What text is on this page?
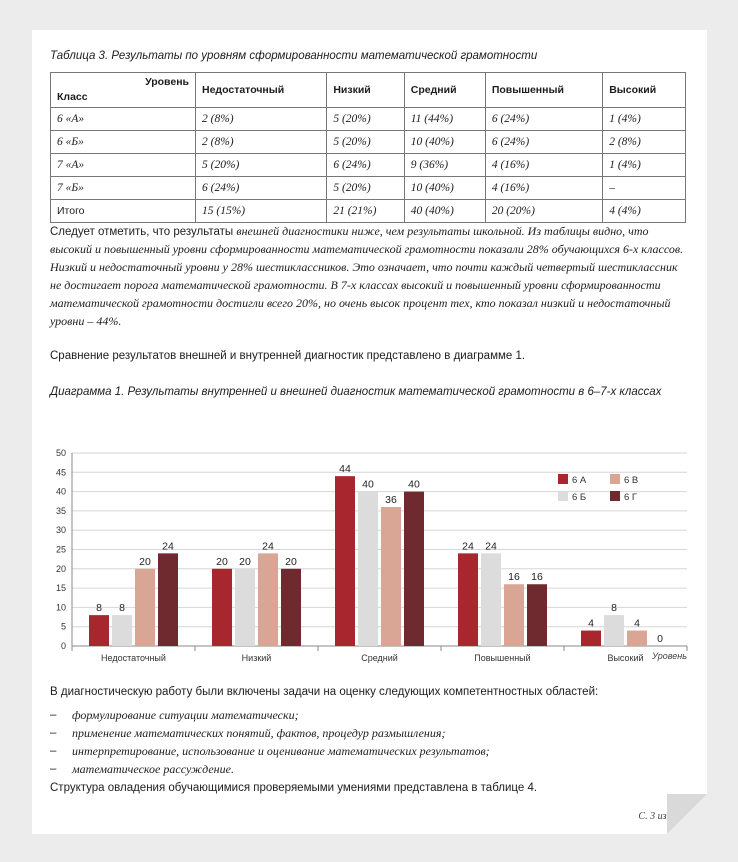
Таблица 3. Результаты по уровням сформированности математической грамотности
Уровень
Класс	Недостаточный	Низкий	Средний	Повышенный	Высокий
6 «А»	2 (8%)	5 (20%)	11 (44%)	6 (24%)	1 (4%)
6 «Б»	2 (8%)	5 (20%)	10 (40%)	6 (24%)	2 (8%)
7 «А»	5 (20%)	6 (24%)	9 (36%)	4 (16%)	1 (4%)
7 «Б»	6 (24%)	5 (20%)	10 (40%)	4 (16%)	–
Итого	15 (15%)	21 (21%)	40 (40%)	20 (20%)	4 (4%)
Следует отметить, что результаты внешней диагностики ниже, чем результаты школьной. Из таблицы видно, что высокий и повышенный уровни сформированности математической грамотности показали 28% обучающихся 6-х классов. Низкий и недостаточный уровни у 28% шестиклассников. Это означает, что почти каждый четвертый шестиклассник не достигает порога математической грамотности. В 7-х классах высокий и повышенный уровни сформированности математической грамотности достигли всего 20%, но очень высок процент тех, кто показал низкий и недостаточный уровни – 44%.
Сравнение результатов внешней и внутренней диагностик представлено в диаграмме 1.
Диаграмма 1. Результаты внутренней и внешней диагностик математической грамотности в 6–7-х классах
0
5
10
15
20
25
30
35
40
45
50
8 8
20
24
20 20
24
20
44
40
36
40
24 24
16 16
4
8
4
0
Недостаточный	Низкий	Средний	Повышенный	Высокий
6 А	6 В
6 Б	6 Г
Уровень
В диагностическую работу были включены задачи на оценку следующих компетентностных областей:
–	формулирование ситуации математически;
–	применение математических понятий, фактов, процедур размышления;
–	интерпретирование, использование и оценивание математических результатов;
–	математическое рассуждение.
Структура овладения обучающимися проверяемыми умениями представлена в таблице 4.
С. 3 из 16
